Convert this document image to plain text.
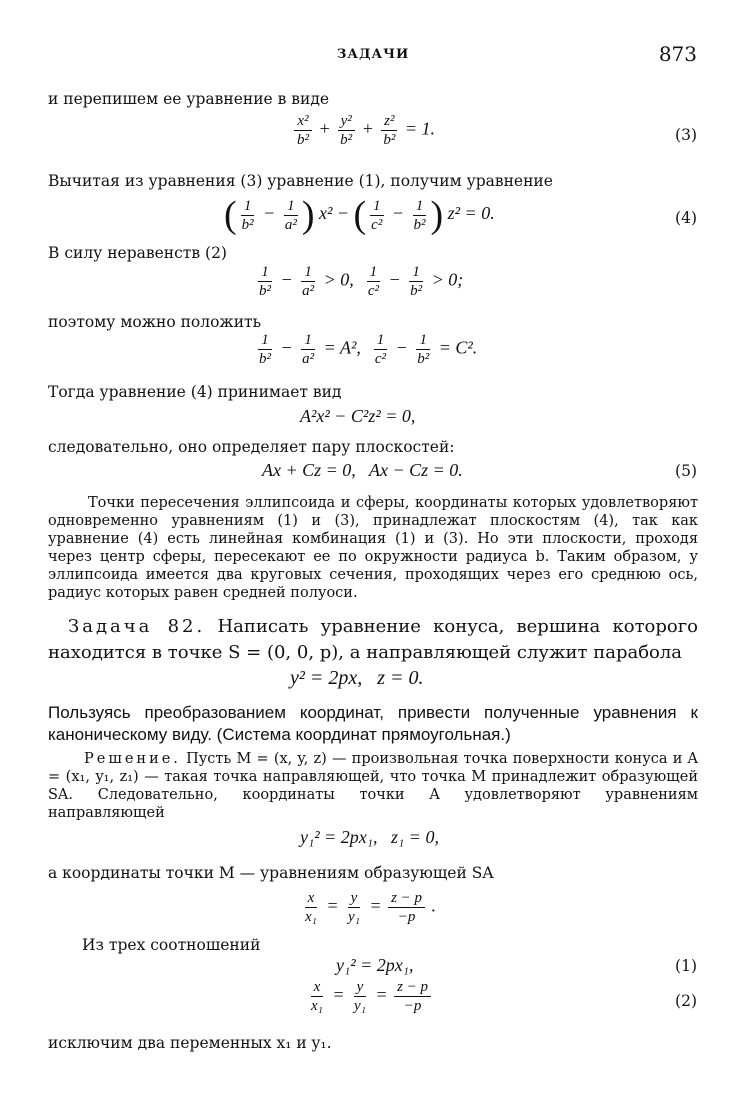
ЗАДАЧИ	873
и перепишем ее уравнение в виде
$\frac{\text{x²}}{\text{b²}} + \frac{\text{y²}}{\text{b²}} + \frac{\text{z²}}{\text{b²}} = 1$.	(3)
Вычитая из уравнения (3) уравнение (1), получим уравнение
( $\frac{1}{\text{b²}} - \frac{1}{\text{a²}}$ ) x² − ( $\frac{1}{\text{c²}} - \frac{1}{\text{b²}}$ ) z² = 0.	(4)
В силу неравенств (2)
$\frac{1}{\text{b²}} - \frac{1}{\text{a²}} > 0$, $\frac{1}{\text{c²}} - \frac{1}{\text{b²}} > 0$;
поэтому можно положить
$\frac{1}{\text{b²}} - \frac{1}{\text{a²}} = A^2$, $\frac{1}{\text{c²}} - \frac{1}{\text{b²}} = C^2$.
Тогда уравнение (4) принимает вид
A²x² − C²z² = 0,
следовательно, оно определяет пару плоскостей:
Ax + Cz = 0,   Ax − Cz = 0.	(5)
Точки пересечения эллипсоида и сферы, координаты которых удовлетворяют одновременно уравнениям (1) и (3), принадлежат плоскостям (4), так как уравнение (4) есть линейная комбинация (1) и (3). Но эти плоскости, проходя через центр сферы, пересекают ее по окружности радиуса b. Таким образом, у эллипсоида имеется два круговых сечения, проходящих через его среднюю ось, радиус которых равен средней полуоси.
Задача 82. Написать уравнение конуса, вершина которого находится в точке S = (0, 0, p), а направляющей служит парабола
y² = 2px,   z = 0.
Пользуясь преобразованием координат, привести полученные уравнения к каноническому виду. (Система координат прямоугольная.)
Решение. Пусть M = (x, y, z) — произвольная точка поверхности конуса и A = (x₁, y₁, z₁) — такая точка направляющей, что точка M принадлежит образующей SA. Следовательно, координаты точки A удовлетворяют уравнениям направляющей
y₁² = 2px₁,   z₁ = 0,
а координаты точки M — уравнениям образующей SA
$\frac{x}{\text{x₁}} = \frac{y}{\text{y₁}} = \frac{z - p}{-p}$ .
Из трех соотношений
y₁² = 2px₁,	(1)
$\frac{x}{\text{x₁}} = \frac{y}{\text{y₁}} = \frac{z - p}{-p}$	(2)
исключим два переменных x₁ и y₁.
